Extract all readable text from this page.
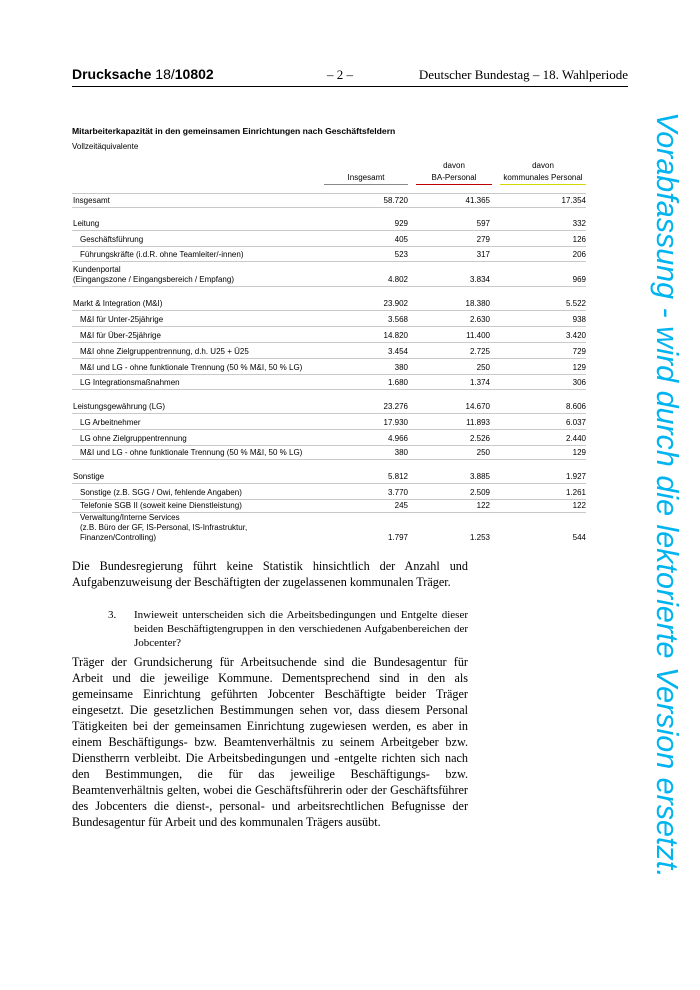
Drucksache 18/10802	– 2 –	Deutscher Bundestag – 18. Wahlperiode
Mitarbeiterkapazität in den gemeinsamen Einrichtungen nach Geschäftsfeldern
Vollzeitäquivalente
Insgesamt
davon
BA-Personal
davon
kommunales Personal
Insgesamt	58.720	41.365	17.354
Leitung	929	597	332
Geschäftsführung	405	279	126
Führungskräfte (i.d.R. ohne Teamleiter/-innen)	523	317	206
Kundenportal
(Eingangszone / Eingangsbereich / Empfang)	4.802	3.834	969
Markt & Integration (M&I)	23.902	18.380	5.522
M&I für Unter-25jährige	3.568	2.630	938
M&I für Über-25jährige	14.820	11.400	3.420
M&I ohne Zielgruppentrennung, d.h. U25 + Ü25	3.454	2.725	729
M&I und LG - ohne funktionale Trennung (50 % M&I, 50 % LG)	380	250	129
LG Integrationsmaßnahmen	1.680	1.374	306
Leistungsgewährung (LG)	23.276	14.670	8.606
LG Arbeitnehmer	17.930	11.893	6.037
LG ohne Zielgruppentrennung	4.966	2.526	2.440
M&I und LG - ohne funktionale Trennung (50 % M&I, 50 % LG)	380	250	129
Sonstige	5.812	3.885	1.927
Sonstige (z.B. SGG / Owi, fehlende Angaben)	3.770	2.509	1.261
Telefonie SGB II (soweit keine Dienstleistung)	245	122	122
Verwaltung/Interne Services
(z.B. Büro der GF, IS-Personal, IS-Infrastruktur,
Finanzen/Controlling)	1.797	1.253	544
Die Bundesregierung führt keine Statistik hinsichtlich der Anzahl und Aufgabenzuweisung der Beschäftigten der zugelassenen kommunalen Träger.
3. Inwieweit unterscheiden sich die Arbeitsbedingungen und Entgelte dieser beiden Beschäftigtengruppen in den verschiedenen Aufgabenbereichen der Jobcenter?
Träger der Grundsicherung für Arbeitsuchende sind die Bundesagentur für Arbeit und die jeweilige Kommune. Dementsprechend sind in den als gemeinsame Einrichtung geführten Jobcenter Beschäftigte beider Träger eingesetzt. Die gesetzlichen Bestimmungen sehen vor, dass diesem Personal Tätigkeiten bei der gemeinsamen Einrichtung zugewiesen werden, es aber in einem Beschäftigungs- bzw. Beamtenverhältnis zu seinem Arbeitgeber bzw. Dienstherrn verbleibt. Die Arbeitsbedingungen und -entgelte richten sich nach den Bestimmungen, die für das jeweilige Beschäftigungs- bzw. Beamtenverhältnis gelten, wobei die Geschäftsführerin oder der Geschäftsführer des Jobcenters die dienst-, personal- und arbeitsrechtlichen Befugnisse der Bundesagentur für Arbeit und des kommunalen Trägers ausübt.	Vorabfassung - wird durch die lektorierte Version ersetzt.
